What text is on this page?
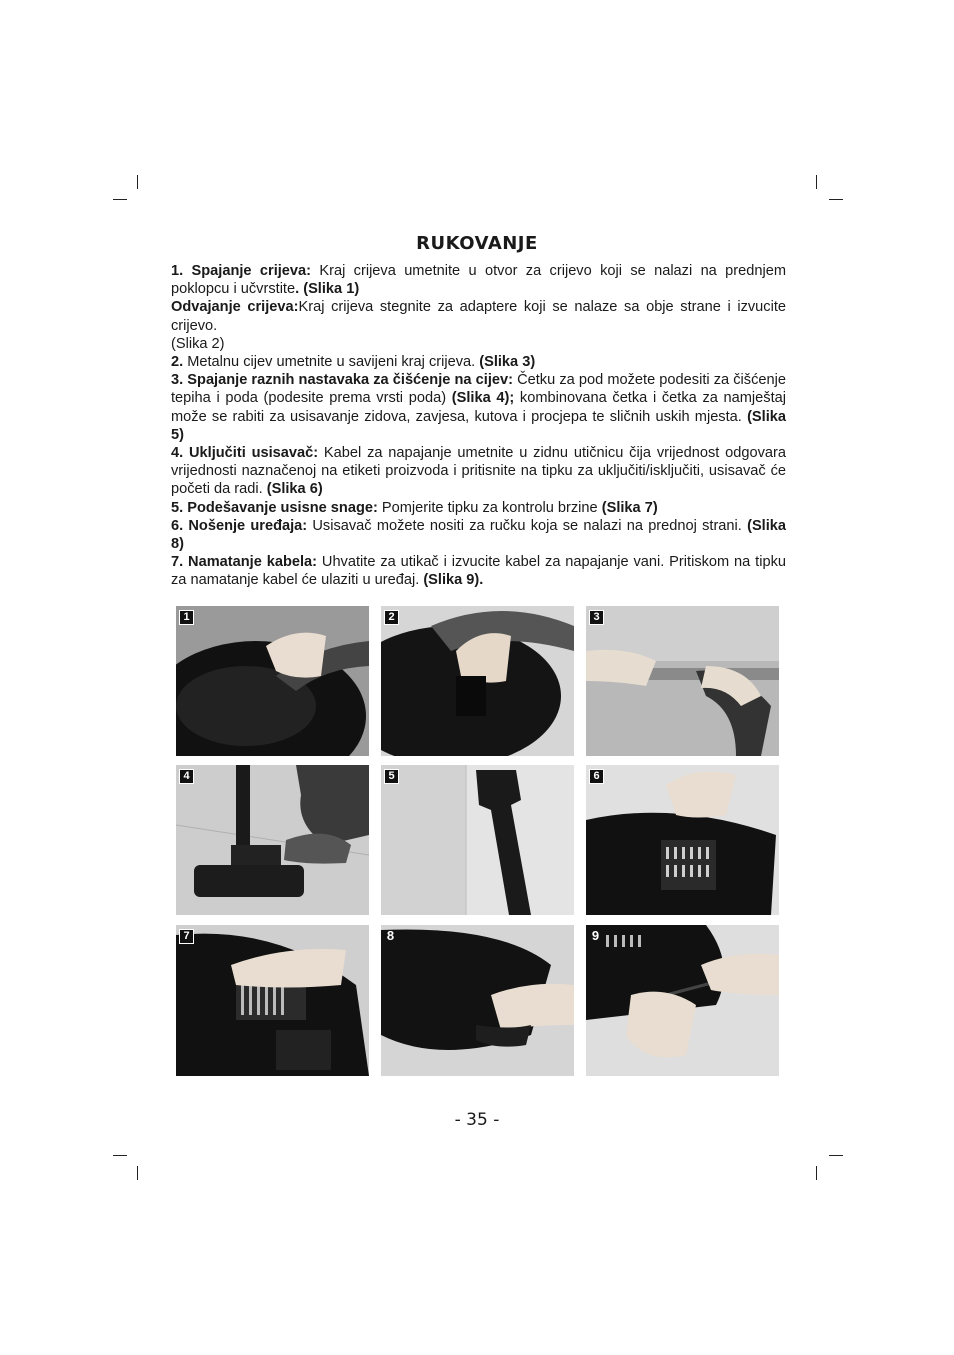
RUKOVANJE

1. Spajanje crijeva: Kraj crijeva umetnite u otvor za crijevo koji se nalazi na prednjem poklopcu i učvrstite. (Slika 1)

Odvajanje crijeva:Kraj crijeva stegnite za adaptere koji se nalaze sa obje strane i izvucite crijevo.

(Slika 2)

2. Metalnu cijev umetnite u savijeni kraj crijeva. (Slika 3)

3. Spajanje raznih nastavaka za čišćenje na cijev: Četku za pod možete podesiti za čišćenje tepiha i poda (podesite prema vrsti poda) (Slika 4); kombinovana četka i četka za namještaj može se rabiti za usisavanje zidova, zavjesa, kutova i procjepa te sličnih uskih mjesta. (Slika 5)

4. Uključiti usisavač: Kabel za napajanje umetnite u zidnu utičnicu čija vrijednost odgovara vrijednosti naznačenoj na etiketi proizvoda i pritisnite na tipku za uključiti/isključiti, usisavač će početi da radi. (Slika 6)

5. Podešavanje usisne snage: Pomjerite tipku za kontrolu brzine (Slika 7)

6. Nošenje uređaja: Usisavač možete nositi za ručku koja se nalazi na prednoj strani. (Slika 8)

7. Namatanje kabela: Uhvatite za utikač i izvucite kabel za napajanje vani. Pritiskom na tipku za namatanje kabel će ulaziti u uređaj. (Slika 9).

1	2	3
4	5	6
7	8	9
- 35 -
